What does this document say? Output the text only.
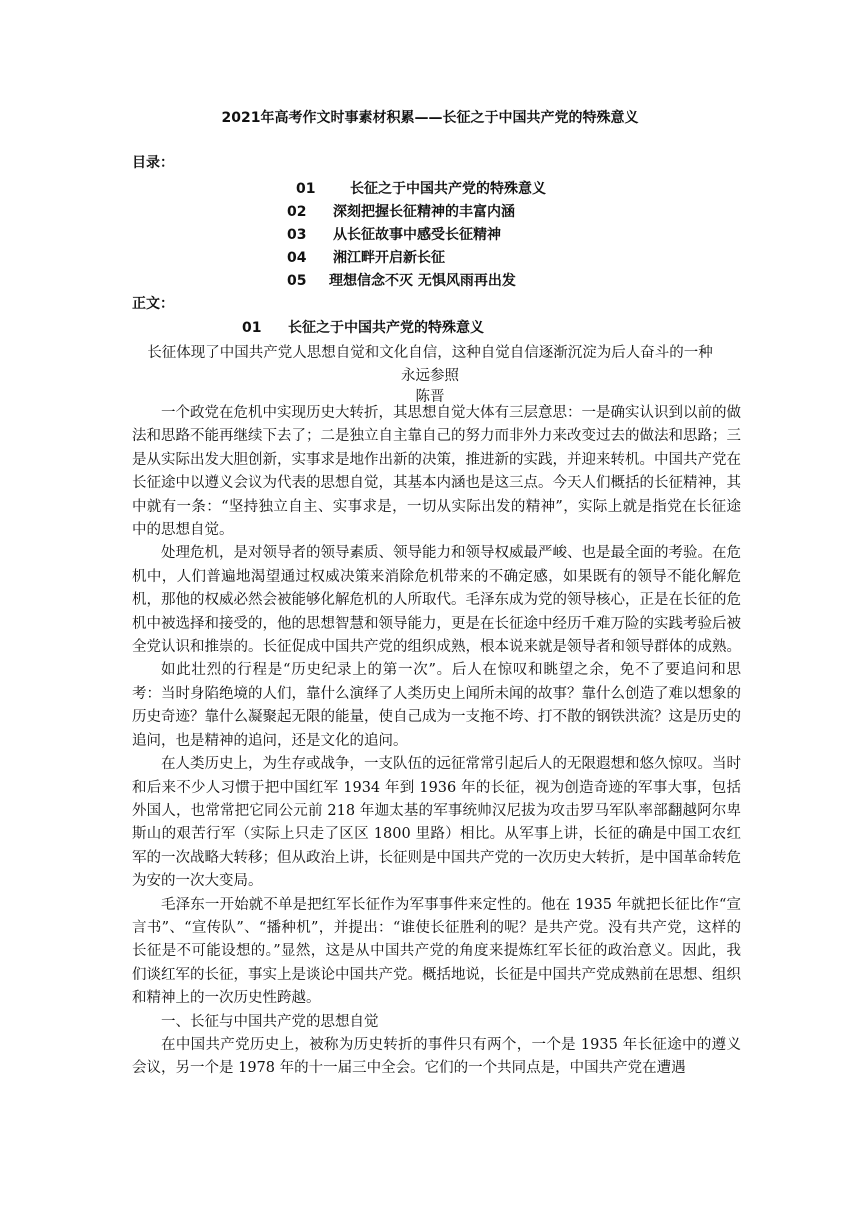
2021年高考作文时事素材积累——长征之于中国共产党的特殊意义
目录：
01 长征之于中国共产党的特殊意义
02 深刻把握长征精神的丰富内涵
03 从长征故事中感受长征精神
04 湘江畔开启新长征
05 理想信念不灭 无惧风雨再出发
正文：
01 长征之于中国共产党的特殊意义
长征体现了中国共产党人思想自觉和文化自信，这种自觉自信逐渐沉淀为后人奋斗的一种
永远参照
陈晋

一个政党在危机中实现历史大转折，其思想自觉大体有三层意思：一是确实认识到以前的做法和思路不能再继续下去了；二是独立自主靠自己的努力而非外力来改变过去的做法和思路；三是从实际出发大胆创新，实事求是地作出新的决策，推进新的实践，并迎来转机。中国共产党在长征途中以遵义会议为代表的思想自觉，其基本内涵也是这三点。今天人们概括的长征精神，其中就有一条：“坚持独立自主、实事求是，一切从实际出发的精神”，实际上就是指党在长征途中的思想自觉。

处理危机，是对领导者的领导素质、领导能力和领导权威最严峻、也是最全面的考验。在危机中，人们普遍地渴望通过权威决策来消除危机带来的不确定感，如果既有的领导不能化解危机，那他的权威必然会被能够化解危机的人所取代。毛泽东成为党的领导核心，正是在长征的危机中被选择和接受的，他的思想智慧和领导能力，更是在长征途中经历千难万险的实践考验后被全党认识和推崇的。长征促成中国共产党的组织成熟，根本说来就是领导者和领导群体的成熟。

如此壮烈的行程是“历史纪录上的第一次”。后人在惊叹和眺望之余，免不了要追问和思考：当时身陷绝境的人们，靠什么演绎了人类历史上闻所未闻的故事？靠什么创造了难以想象的历史奇迹？靠什么凝聚起无限的能量，使自己成为一支拖不垮、打不散的钢铁洪流？这是历史的追问，也是精神的追问，还是文化的追问。

在人类历史上，为生存或战争，一支队伍的远征常常引起后人的无限遐想和悠久惊叹。当时和后来不少人习惯于把中国红军 1934 年到 1936 年的长征，视为创造奇迹的军事大事，包括外国人，也常常把它同公元前 218 年迦太基的军事统帅汉尼拔为攻击罗马军队率部翻越阿尔卑斯山的艰苦行军（实际上只走了区区 1800 里路）相比。从军事上讲，长征的确是中国工农红军的一次战略大转移；但从政治上讲，长征则是中国共产党的一次历史大转折，是中国革命转危为安的一次大变局。

毛泽东一开始就不单是把红军长征作为军事事件来定性的。他在 1935 年就把长征比作“宣言书”、“宣传队”、“播种机”，并提出：“谁使长征胜利的呢？是共产党。没有共产党，这样的长征是不可能设想的。”显然，这是从中国共产党的角度来提炼红军长征的政治意义。因此，我们谈红军的长征，事实上是谈论中国共产党。概括地说，长征是中国共产党成熟前在思想、组织和精神上的一次历史性跨越。

一、长征与中国共产党的思想自觉

在中国共产党历史上，被称为历史转折的事件只有两个，一个是 1935 年长征途中的遵义会议，另一个是 1978 年的十一届三中全会。它们的一个共同点是，中国共产党在遭遇
